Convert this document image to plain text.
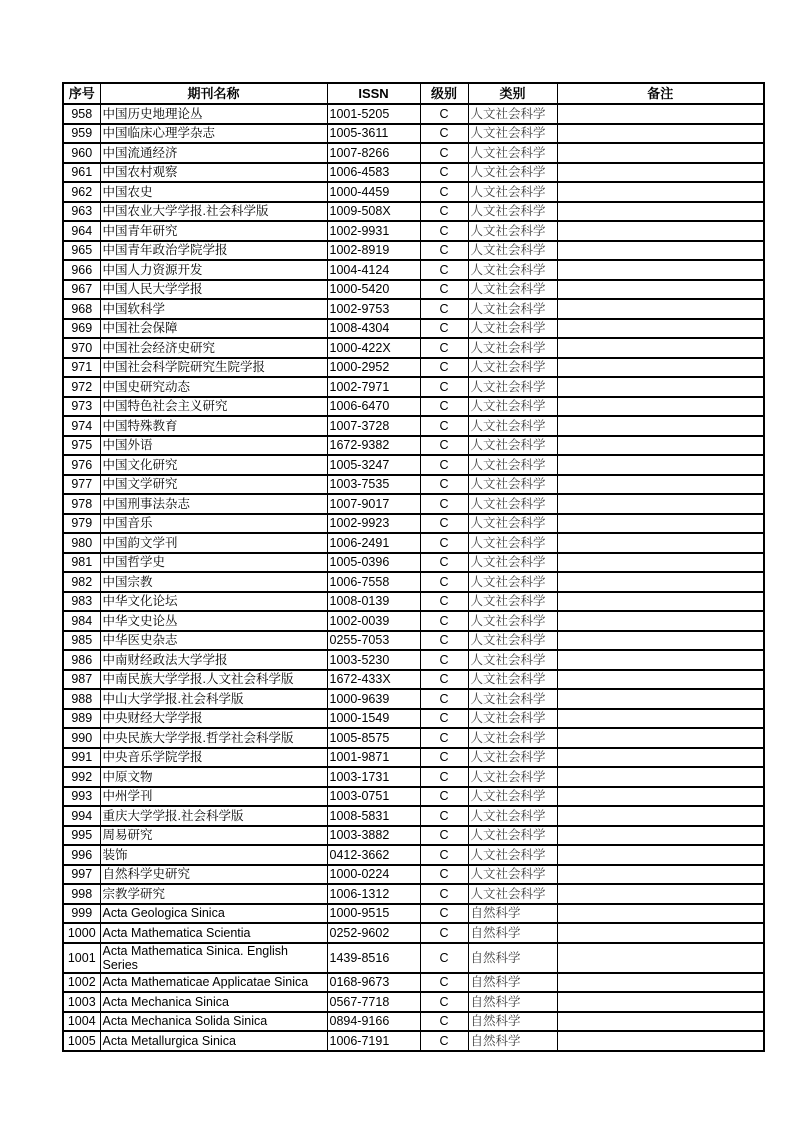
序号	期刊名称	ISSN	级别	类别	备注
958	中国历史地理论丛	1001-5205	C	人文社会科学	
959	中国临床心理学杂志	1005-3611	C	人文社会科学	
960	中国流通经济	1007-8266	C	人文社会科学	
961	中国农村观察	1006-4583	C	人文社会科学	
962	中国农史	1000-4459	C	人文社会科学	
963	中国农业大学学报.社会科学版	1009-508X	C	人文社会科学	
964	中国青年研究	1002-9931	C	人文社会科学	
965	中国青年政治学院学报	1002-8919	C	人文社会科学	
966	中国人力资源开发	1004-4124	C	人文社会科学	
967	中国人民大学学报	1000-5420	C	人文社会科学	
968	中国软科学	1002-9753	C	人文社会科学	
969	中国社会保障	1008-4304	C	人文社会科学	
970	中国社会经济史研究	1000-422X	C	人文社会科学	
971	中国社会科学院研究生院学报	1000-2952	C	人文社会科学	
972	中国史研究动态	1002-7971	C	人文社会科学	
973	中国特色社会主义研究	1006-6470	C	人文社会科学	
974	中国特殊教育	1007-3728	C	人文社会科学	
975	中国外语	1672-9382	C	人文社会科学	
976	中国文化研究	1005-3247	C	人文社会科学	
977	中国文学研究	1003-7535	C	人文社会科学	
978	中国刑事法杂志	1007-9017	C	人文社会科学	
979	中国音乐	1002-9923	C	人文社会科学	
980	中国韵文学刊	1006-2491	C	人文社会科学	
981	中国哲学史	1005-0396	C	人文社会科学	
982	中国宗教	1006-7558	C	人文社会科学	
983	中华文化论坛	1008-0139	C	人文社会科学	
984	中华文史论丛	1002-0039	C	人文社会科学	
985	中华医史杂志	0255-7053	C	人文社会科学	
986	中南财经政法大学学报	1003-5230	C	人文社会科学	
987	中南民族大学学报.人文社会科学版	1672-433X	C	人文社会科学	
988	中山大学学报.社会科学版	1000-9639	C	人文社会科学	
989	中央财经大学学报	1000-1549	C	人文社会科学	
990	中央民族大学学报.哲学社会科学版	1005-8575	C	人文社会科学	
991	中央音乐学院学报	1001-9871	C	人文社会科学	
992	中原文物	1003-1731	C	人文社会科学	
993	中州学刊	1003-0751	C	人文社会科学	
994	重庆大学学报.社会科学版	1008-5831	C	人文社会科学	
995	周易研究	1003-3882	C	人文社会科学	
996	装饰	0412-3662	C	人文社会科学	
997	自然科学史研究	1000-0224	C	人文社会科学	
998	宗教学研究	1006-1312	C	人文社会科学	
999	Acta Geologica Sinica	1000-9515	C	自然科学	
1000	Acta Mathematica Scientia	0252-9602	C	自然科学	
1001	Acta Mathematica Sinica. English Series	1439-8516	C	自然科学	
1002	Acta Mathematicae Applicatae Sinica	0168-9673	C	自然科学	
1003	Acta Mechanica Sinica	0567-7718	C	自然科学	
1004	Acta Mechanica Solida Sinica	0894-9166	C	自然科学	
1005	Acta Metallurgica Sinica	1006-7191	C	自然科学	
